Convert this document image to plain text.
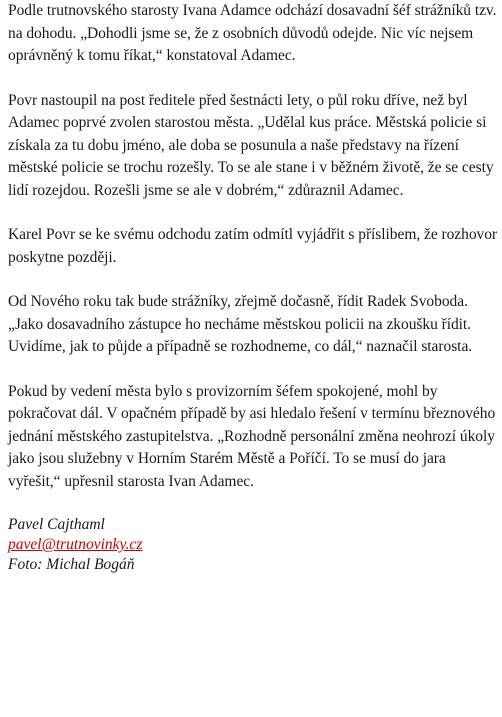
Podle trutnovského starosty Ivana Adamce odchází dosavadní šéf strážníků tzv. na dohodu. „Dohodli jsme se, že z osobních důvodů odejde. Nic víc nejsem oprávněný k tomu říkat,“ konstatoval Adamec.

Povr nastoupil na post ředitele před šestnácti lety, o půl roku dříve, než byl Adamec poprvé zvolen starostou města. „Udělal kus práce. Městská policie si získala za tu dobu jméno, ale doba se posunula a naše představy na řízení městské policie se trochu rozešly. To se ale stane i v běžném životě, že se cesty lidí rozejdou. Rozešli jsme se ale v dobrém,“ zdůraznil Adamec.

Karel Povr se ke svému odchodu zatím odmítl vyjádřit s příslibem, že rozhovor poskytne později.

Od Nového roku tak bude strážníky, zřejmě dočasně, řídit Radek Svoboda. „Jako dosavadního zástupce ho necháme městskou policii na zkoušku řídit. Uvidíme, jak to půjde a případně se rozhodneme, co dál,“ naznačil starosta.

Pokud by vedení města bylo s provizorním šéfem spokojené, mohl by pokračovat dál. V opačném případě by asi hledalo řešení v termínu březnového jednání městského zastupitelstva. „Rozhodně personální změna neohrozí úkoly jako jsou služebny v Horním Starém Městě a Poříčí. To se musí do jara vyřešit,“ upřesnil starosta Ivan Adamec.

Pavel Cajthaml
pavel@trutnovinky.cz
Foto: Michal Bogáň
